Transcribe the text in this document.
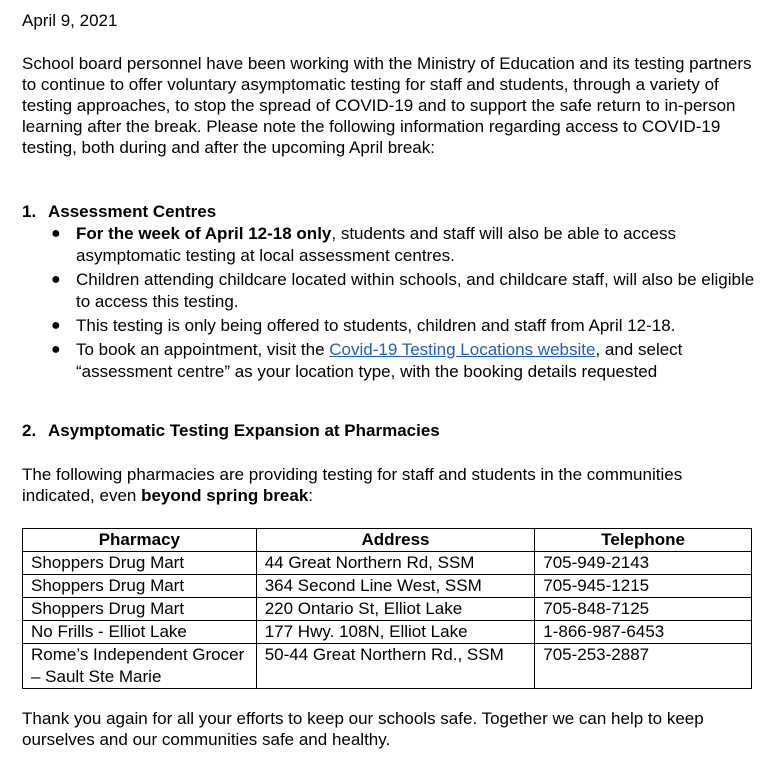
April 9, 2021

School board personnel have been working with the Ministry of Education and its testing partners to continue to offer voluntary asymptomatic testing for staff and students, through a variety of testing approaches, to stop the spread of COVID-19 and to support the safe return to in-person learning after the break. Please note the following information regarding access to COVID-19 testing, both during and after the upcoming April break:

1. Assessment Centres
● For the week of April 12-18 only, students and staff will also be able to access asymptomatic testing at local assessment centres.
● Children attending childcare located within schools, and childcare staff, will also be eligible to access this testing.
● This testing is only being offered to students, children and staff from April 12-18.
● To book an appointment, visit the Covid-19 Testing Locations website, and select “assessment centre” as your location type, with the booking details requested
2. Asymptomatic Testing Expansion at Pharmacies

The following pharmacies are providing testing for staff and students in the communities indicated, even beyond spring break:

Pharmacy	Address	Telephone
Shoppers Drug Mart	44 Great Northern Rd, SSM	705-949-2143
Shoppers Drug Mart	364 Second Line West, SSM	705-945-1215
Shoppers Drug Mart	220 Ontario St, Elliot Lake	705-848-7125
No Frills - Elliot Lake	177 Hwy. 108N, Elliot Lake	1-866-987-6453
Rome’s Independent Grocer – Sault Ste Marie	50-44 Great Northern Rd., SSM	705-253-2887

Thank you again for all your efforts to keep our schools safe. Together we can help to keep ourselves and our communities safe and healthy.
